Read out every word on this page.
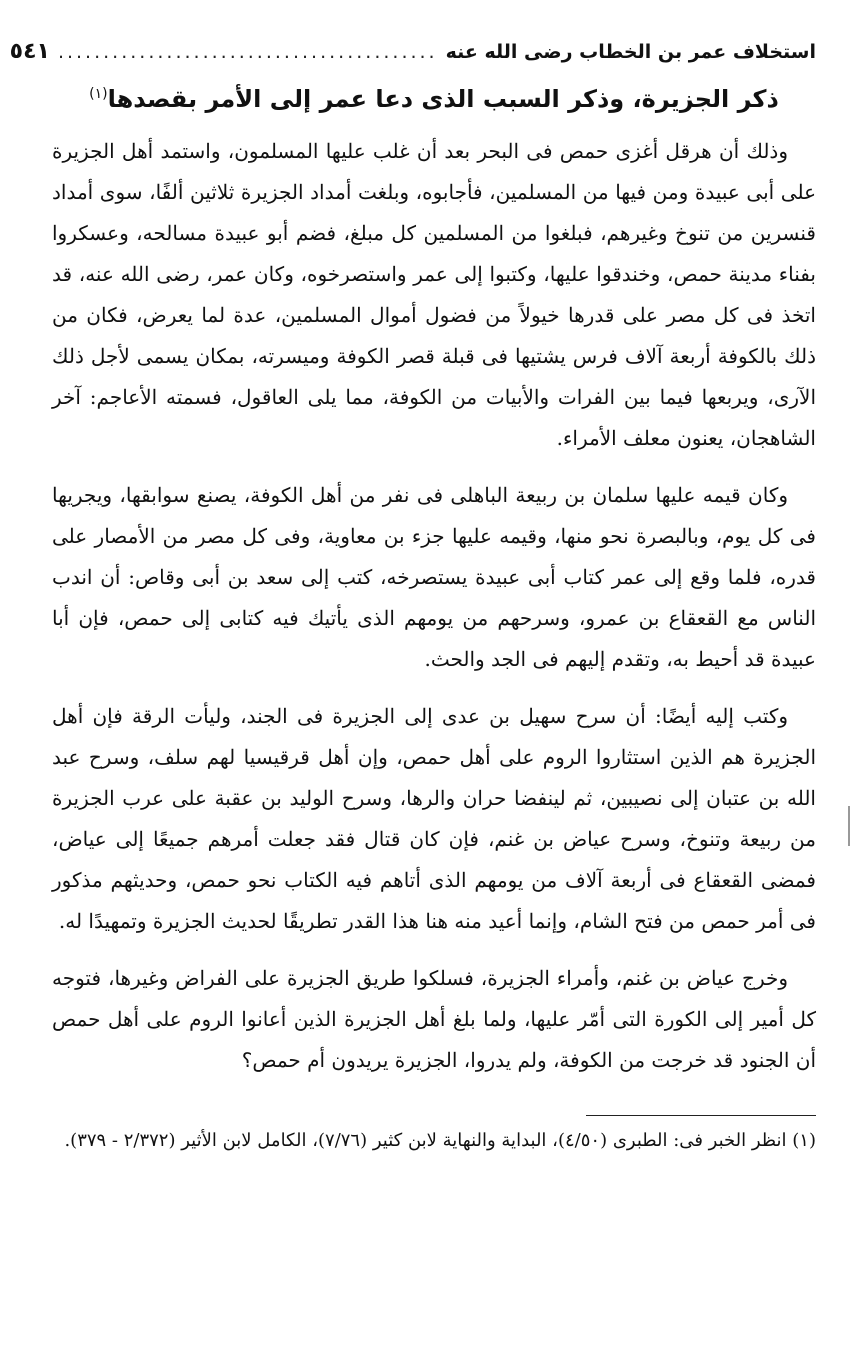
استخلاف عمر بن الخطاب رضى الله عنه
..........................................
٥٤١
ذكر الجزيرة، وذكر السبب الذى دعا عمر إلى الأمر بقصدها$^{(١)}$

وذلك أن هرقل أغزى حمص فى البحر بعد أن غلب عليها المسلمون، واستمد أهل الجزيرة على أبى عبيدة ومن فيها من المسلمين، فأجابوه، وبلغت أمداد الجزيرة ثلاثين ألفًا، سوى أمداد قنسرين من تنوخ وغيرهم، فبلغوا من المسلمين كل مبلغ، فضم أبو عبيدة مسالحه، وعسكروا بفناء مدينة حمص، وخندقوا عليها، وكتبوا إلى عمر واستصرخوه، وكان عمر، رضى الله عنه، قد اتخذ فى كل مصر على قدرها خيولاً من فضول أموال المسلمين، عدة لما يعرض، فكان من ذلك بالكوفة أربعة آلاف فرس يشتيها فى قبلة قصر الكوفة وميسرته، بمكان يسمى لأجل ذلك الآرى، ويربعها فيما بين الفرات والأبيات من الكوفة، مما يلى العاقول، فسمته الأعاجم: آخر الشاهجان، يعنون معلف الأمراء.

وكان قيمه عليها سلمان بن ربيعة الباهلى فى نفر من أهل الكوفة، يصنع سوابقها، ويجريها فى كل يوم، وبالبصرة نحو منها، وقيمه عليها جزء بن معاوية، وفى كل مصر من الأمصار على قدره، فلما وقع إلى عمر كتاب أبى عبيدة يستصرخه، كتب إلى سعد بن أبى وقاص: أن اندب الناس مع القعقاع بن عمرو، وسرحهم من يومهم الذى يأتيك فيه كتابى إلى حمص، فإن أبا عبيدة قد أحيط به، وتقدم إليهم فى الجد والحث.

وكتب إليه أيضًا: أن سرح سهيل بن عدى إلى الجزيرة فى الجند، وليأت الرقة فإن أهل الجزيرة هم الذين استثاروا الروم على أهل حمص، وإن أهل قرقيسيا لهم سلف، وسرح عبد الله بن عتبان إلى نصيبين، ثم لينفضا حران والرها، وسرح الوليد بن عقبة على عرب الجزيرة من ربيعة وتنوخ، وسرح عياض بن غنم، فإن كان قتال فقد جعلت أمرهم جميعًا إلى عياض، فمضى القعقاع فى أربعة آلاف من يومهم الذى أتاهم فيه الكتاب نحو حمص، وحديثهم مذكور فى أمر حمص من فتح الشام، وإنما أعيد منه هنا هذا القدر تطريقًا لحديث الجزيرة وتمهيدًا له.

وخرج عياض بن غنم، وأمراء الجزيرة، فسلكوا طريق الجزيرة على الفراض وغيرها، فتوجه كل أمير إلى الكورة التى أمّر عليها، ولما بلغ أهل الجزيرة الذين أعانوا الروم على أهل حمص أن الجنود قد خرجت من الكوفة، ولم يدروا، الجزيرة يريدون أم حمص؟

(١) انظر الخبر فى: الطبرى (٤/٥٠)، البداية والنهاية لابن كثير (٧/٧٦)، الكامل لابن الأثير (٢/٣٧٢ - ٣٧٩).
